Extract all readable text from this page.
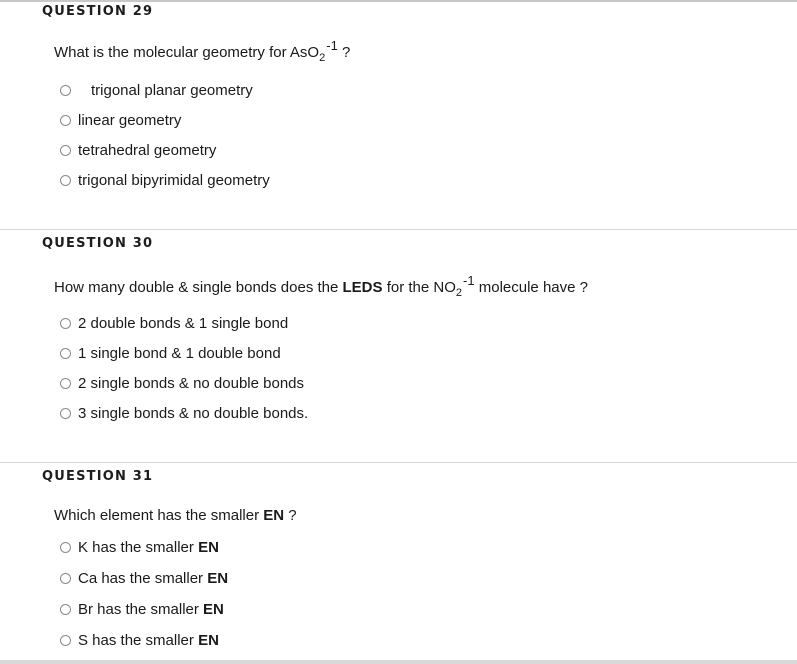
QUESTION 29
What is the molecular geometry for AsO$_2$-1 ?
trigonal planar geometry
linear geometry
tetrahedral geometry
trigonal bipyrimidal geometry
QUESTION 30
How many double & single bonds does the LEDS for the $NO_2-1$ molecule have ?
2 double bonds & 1 single bond
1 single bond & 1 double bond
2 single bonds & no double bonds
3 single bonds & no double bonds.
QUESTION 31
Which element has the smaller EN ?
K has the smaller EN
Ca has the smaller EN
Br has the smaller EN
S has the smaller EN
